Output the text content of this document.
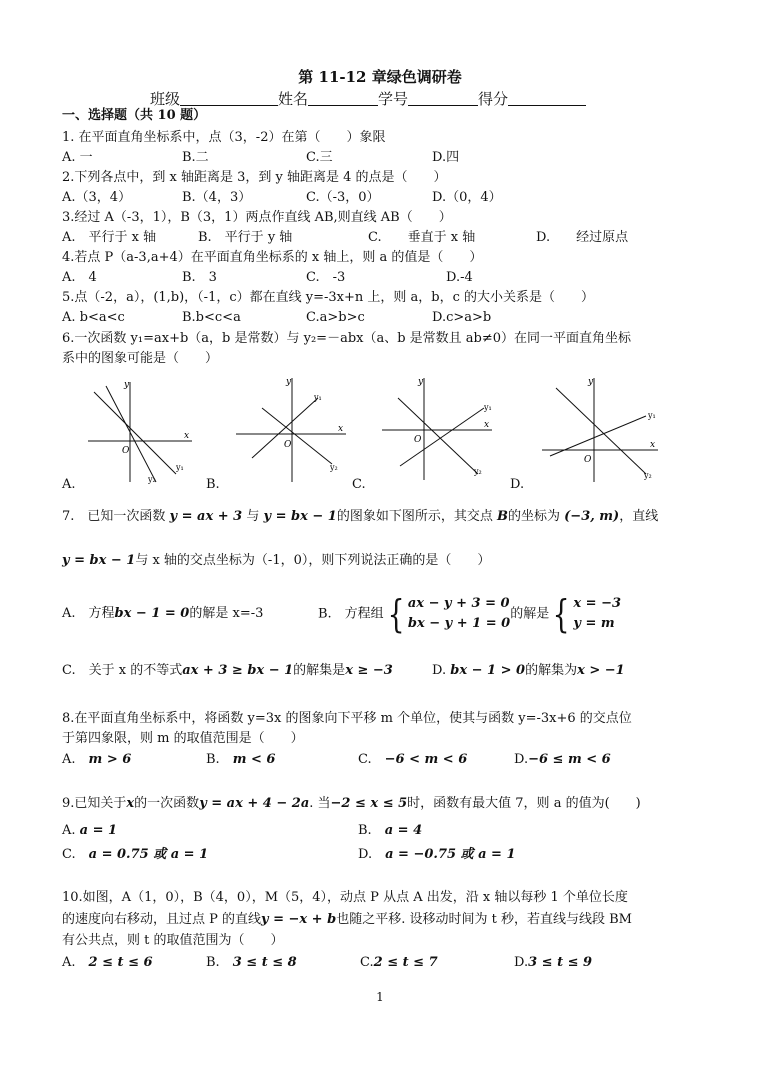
第 11-12 章绿色调研卷
班级	姓名	学号	得分
一、选择题（共 10 题）
1. 在平面直角坐标系中，点（3，-2）在第（　　）象限
A. 一	B.二	C.三	D.四
2.下列各点中，到 x 轴距离是 3，到 y 轴距离是 4 的点是（　　）
A.（3，4）	B.（4，3）	C.（-3，0）	D.（0，4）
3.经过 A（-3，1），B（3，1）两点作直线 AB,则直线 AB（　　）
A.　平行于 x 轴	B.　平行于 y 轴	C.　　垂直于 x 轴	D.　　经过原点
4.若点 P（a-3,a+4）在平面直角坐标系的 x 轴上，则 a 的值是（　　）
A.　4	B.　3	C.　-3	D.-4
5.点（-2，a），(1,b)，（-1，c）都在直线 y=-3x+n 上，则 a，b，c 的大小关系是（　　）
A. b<a<c	B.b<c<a	C.a>b>c	D.c>a>b
6.一次函数 y₁=ax+b（a，b 是常数）与 y₂=－abx（a、b 是常数且 ab≠0）在同一平面直角坐标
系中的图象可能是（　　）
y
x
O
y₁
y₂
A.
y
x
O
y₁
y₂
B.
y
x
O
y₁
y₂
C.
y
x
O
y₁
y₂
D.
7.　已知一次函数 y = ax + 3 与 y = bx − 1的图象如下图所示，其交点 B的坐标为 (−3, m)，直线
y = bx − 1与 x 轴的交点坐标为（-1，0），则下列说法正确的是（　　）
A.　方程bx − 1 = 0的解是 x=-3	B.　方程组{ ax − y + 3 = 0
bx − y + 1 = 0的解是{ x = −3
y = m
C.　关于 x 的不等式ax + 3 ≥ bx − 1的解集是x ≥ −3	D. bx − 1 > 0的解集为x > −1
8.在平面直角坐标系中，将函数 y=3x 的图象向下平移 m 个单位，使其与函数 y=-3x+6 的交点位
于第四象限，则 m 的取值范围是（　　）
A.　 m > 6	B.　 m < 6	C.　 −6 < m < 6	D.−6 ≤ m < 6
9.已知关于x的一次函数y = ax + 4 − 2a. 当−2 ≤ x ≤ 5时，函数有最大值 7，则 a 的值为(　　)
A. a = 1	B.　 a = 4
C.　 a = 0.75 或 a = 1	D.　 a = −0.75 或 a = 1
10.如图，A（1，0），B（4，0），M（5，4），动点 P 从点 A 出发，沿 x 轴以每秒 1 个单位长度
的速度向右移动，且过点 P 的直线y = −x + b也随之平移. 设移动时间为 t 秒，若直线与线段 BM
有公共点，则 t 的取值范围为（　　）
A.　 2 ≤ t ≤ 6	B.　 3 ≤ t ≤ 8	C.2 ≤ t ≤ 7	D.3 ≤ t ≤ 9
1
